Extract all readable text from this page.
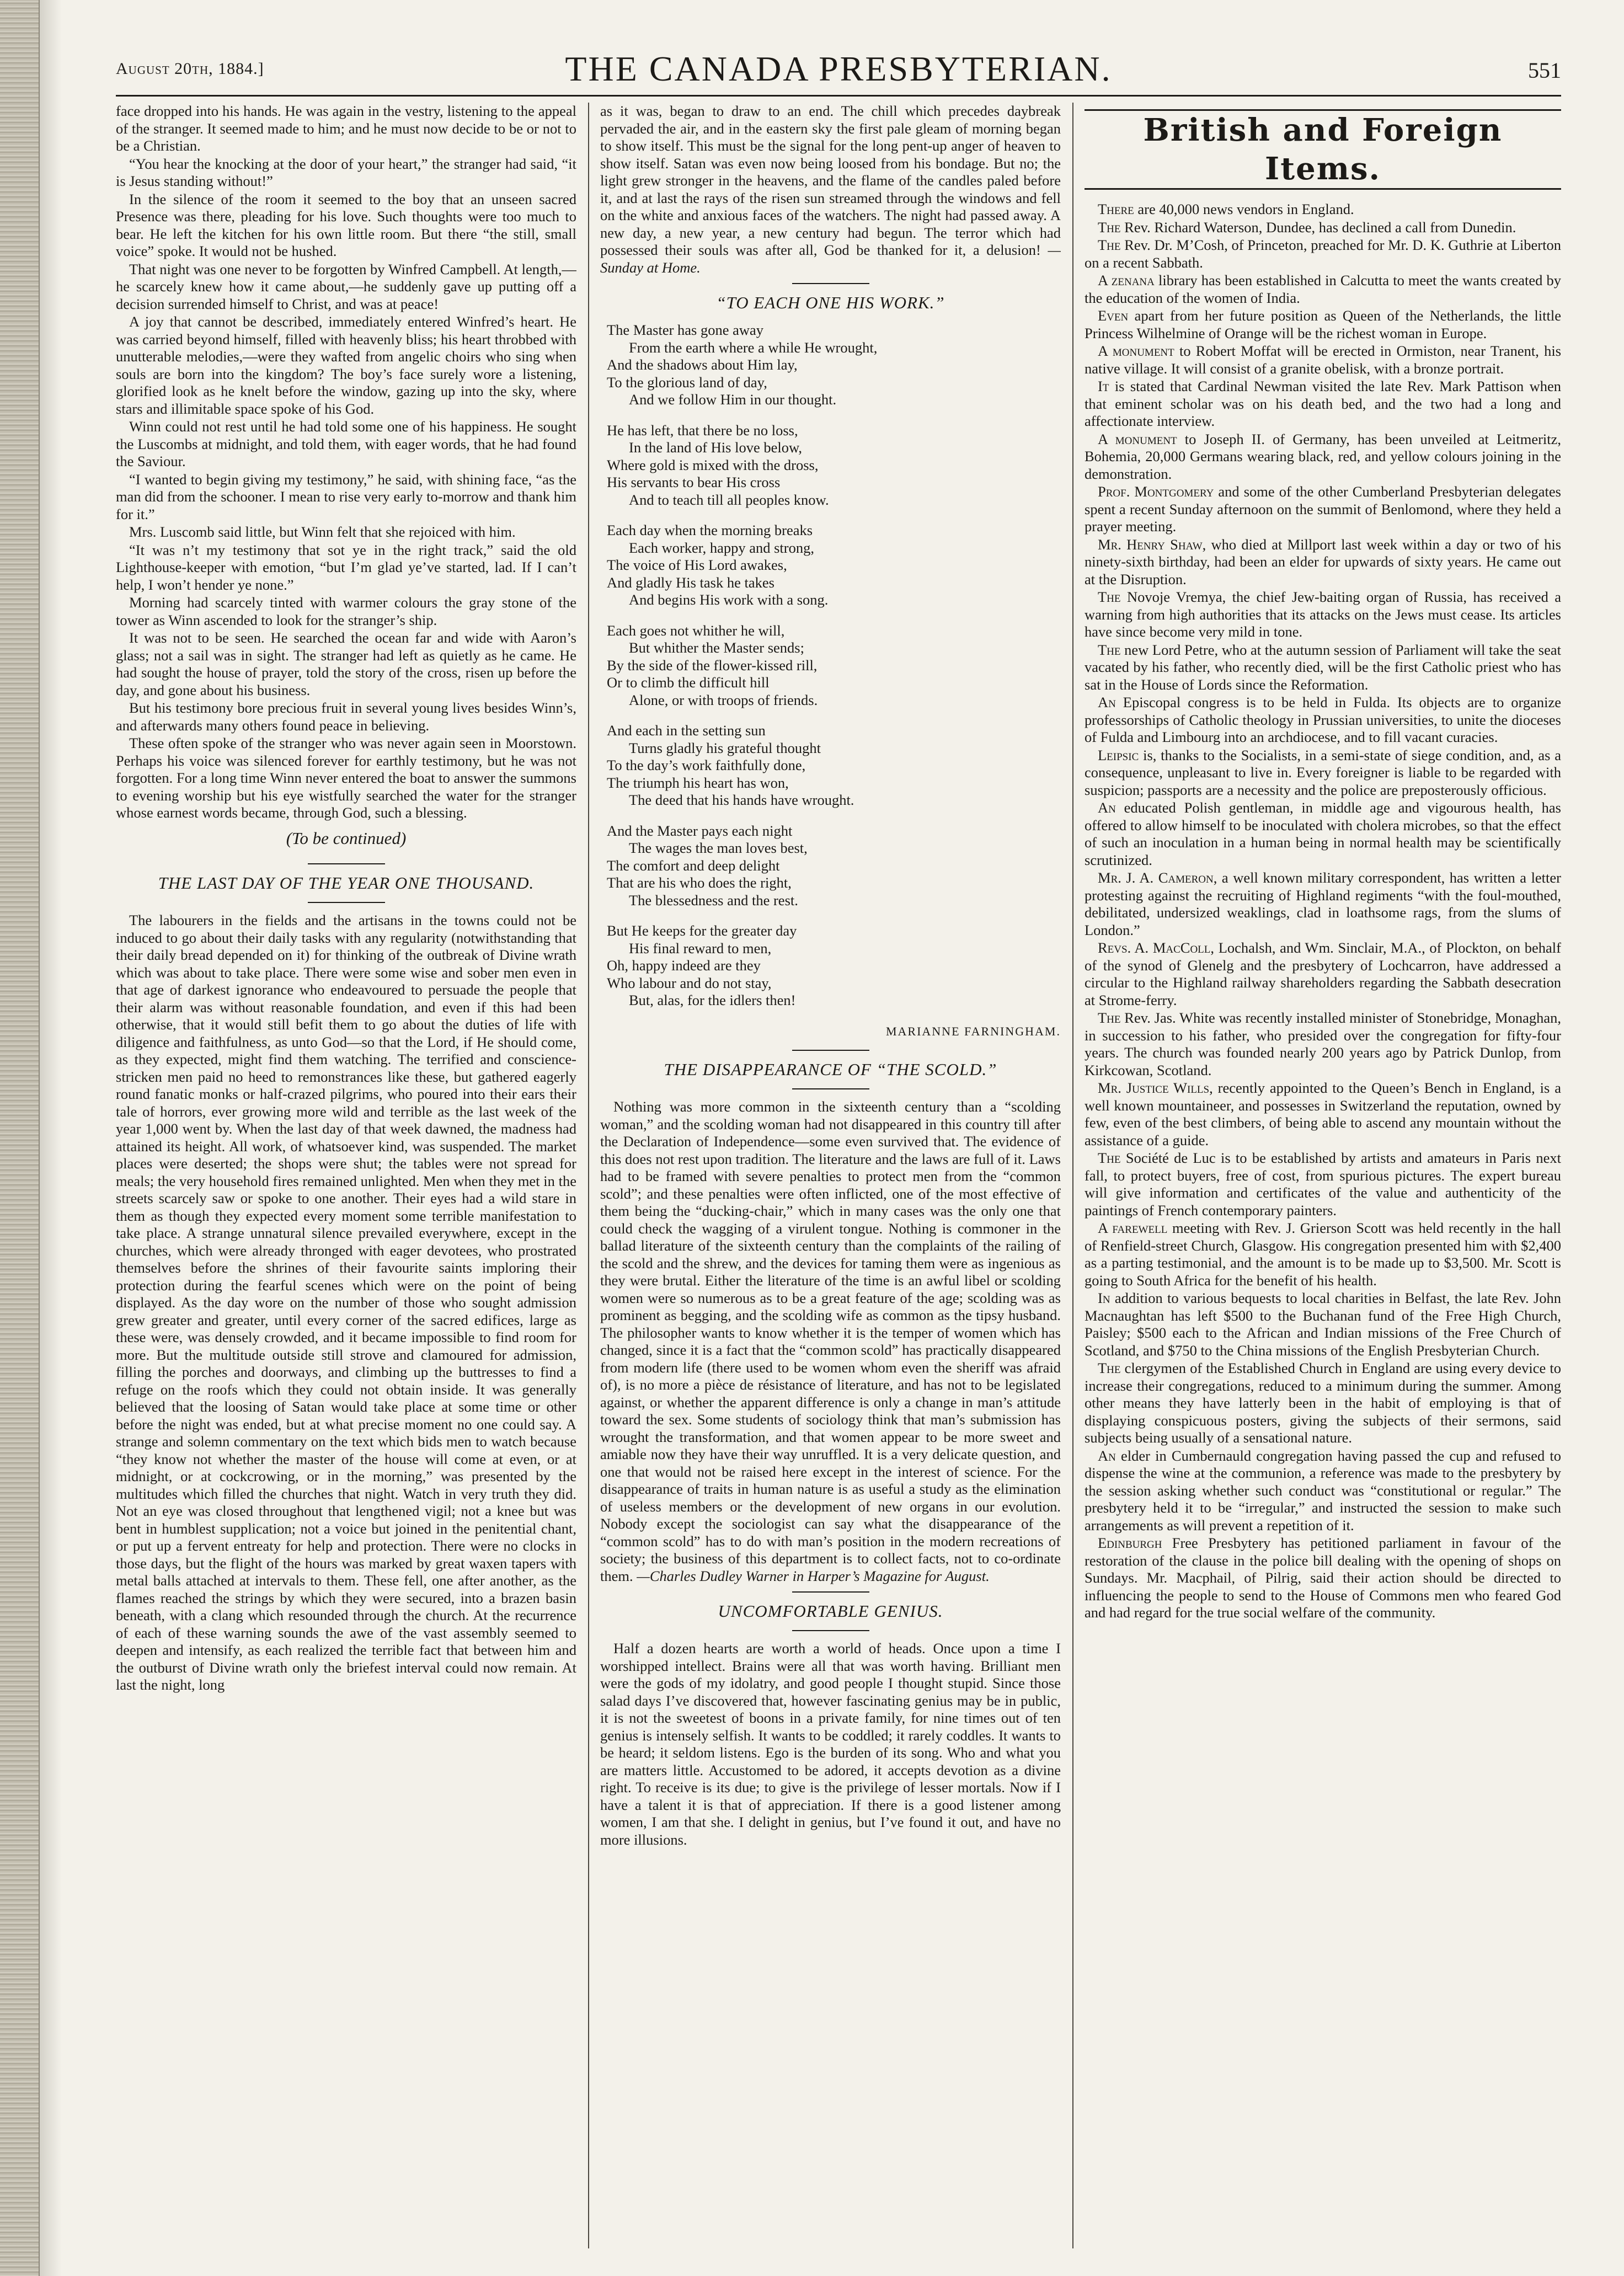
August 20th, 1884.]	THE CANADA PRESBYTERIAN.	551

face dropped into his hands. He was again in the vestry, listening to the appeal of the stranger. It seemed made to him; and he must now decide to be or not to be a Christian.

“You hear the knocking at the door of your heart,” the stranger had said, “it is Jesus standing without!”

In the silence of the room it seemed to the boy that an unseen sacred Presence was there, pleading for his love. Such thoughts were too much to bear. He left the kitchen for his own little room. But there “the still, small voice” spoke. It would not be hushed.

That night was one never to be forgotten by Winfred Campbell. At length,—he scarcely knew how it came about,—he suddenly gave up putting off a decision surrended himself to Christ, and was at peace!

A joy that cannot be described, immediately entered Winfred’s heart. He was carried beyond himself, filled with heavenly bliss; his heart throbbed with unutterable melodies,—were they wafted from angelic choirs who sing when souls are born into the kingdom? The boy’s face surely wore a listening, glorified look as he knelt before the window, gazing up into the sky, where stars and illimitable space spoke of his God.

Winn could not rest until he had told some one of his happiness. He sought the Luscombs at midnight, and told them, with eager words, that he had found the Saviour.

“I wanted to begin giving my testimony,” he said, with shining face, “as the man did from the schooner. I mean to rise very early to-morrow and thank him for it.”

Mrs. Luscomb said little, but Winn felt that she rejoiced with him.

“It was n’t my testimony that sot ye in the right track,” said the old Lighthouse-keeper with emotion, “but I’m glad ye’ve started, lad. If I can’t help, I won’t hender ye none.”

Morning had scarcely tinted with warmer colours the gray stone of the tower as Winn ascended to look for the stranger’s ship.

It was not to be seen. He searched the ocean far and wide with Aaron’s glass; not a sail was in sight. The stranger had left as quietly as he came. He had sought the house of prayer, told the story of the cross, risen up before the day, and gone about his business.

But his testimony bore precious fruit in several young lives besides Winn’s, and afterwards many others found peace in believing.

These often spoke of the stranger who was never again seen in Moorstown. Perhaps his voice was silenced forever for earthly testimony, but he was not forgotten. For a long time Winn never entered the boat to answer the summons to evening worship but his eye wistfully searched the water for the stranger whose earnest words became, through God, such a blessing.

(To be continued)
THE LAST DAY OF THE YEAR ONE THOUSAND.

The labourers in the fields and the artisans in the towns could not be induced to go about their daily tasks with any regularity (notwithstanding that their daily bread depended on it) for thinking of the outbreak of Divine wrath which was about to take place. There were some wise and sober men even in that age of darkest ignorance who endeavoured to persuade the people that their alarm was without reasonable foundation, and even if this had been otherwise, that it would still befit them to go about the duties of life with diligence and faithfulness, as unto God—so that the Lord, if He should come, as they expected, might find them watching. The terrified and conscience-stricken men paid no heed to remonstrances like these, but gathered eagerly round fanatic monks or half-crazed pilgrims, who poured into their ears their tale of horrors, ever growing more wild and terrible as the last week of the year 1,000 went by. When the last day of that week dawned, the madness had attained its height. All work, of whatsoever kind, was suspended. The market places were deserted; the shops were shut; the tables were not spread for meals; the very household fires remained unlighted. Men when they met in the streets scarcely saw or spoke to one another. Their eyes had a wild stare in them as though they expected every moment some terrible manifestation to take place. A strange unnatural silence prevailed everywhere, except in the churches, which were already thronged with eager devotees, who prostrated themselves before the shrines of their favourite saints imploring their protection during the fearful scenes which were on the point of being displayed. As the day wore on the number of those who sought admission grew greater and greater, until every corner of the sacred edifices, large as these were, was densely crowded, and it became impossible to find room for more. But the multitude outside still strove and clamoured for admission, filling the porches and doorways, and climbing up the buttresses to find a refuge on the roofs which they could not obtain inside. It was generally believed that the loosing of Satan would take place at some time or other before the night was ended, but at what precise moment no one could say. A strange and solemn commentary on the text which bids men to watch because “they know not whether the master of the house will come at even, or at midnight, or at cockcrowing, or in the morning,” was presented by the multitudes which filled the churches that night. Watch in very truth they did. Not an eye was closed throughout that lengthened vigil; not a knee but was bent in humblest supplication; not a voice but joined in the penitential chant, or put up a fervent entreaty for help and protection. There were no clocks in those days, but the flight of the hours was marked by great waxen tapers with metal balls attached at intervals to them. These fell, one after another, as the flames reached the strings by which they were secured, into a brazen basin beneath, with a clang which resounded through the church. At the recurrence of each of these warning sounds the awe of the vast assembly seemed to deepen and intensify, as each realized the terrible fact that between him and the outburst of Divine wrath only the briefest interval could now remain. At last the night, long

as it was, began to draw to an end. The chill which precedes daybreak pervaded the air, and in the eastern sky the first pale gleam of morning began to show itself. This must be the signal for the long pent-up anger of heaven to show itself. Satan was even now being loosed from his bondage. But no; the light grew stronger in the heavens, and the flame of the candles paled before it, and at last the rays of the risen sun streamed through the windows and fell on the white and anxious faces of the watchers. The night had passed away. A new day, a new year, a new century had begun. The terror which had possessed their souls was after all, God be thanked for it, a delusion! —Sunday at Home.

“TO EACH ONE HIS WORK.”
The Master has gone away
From the earth where a while He wrought,
And the shadows about Him lay,
To the glorious land of day,
And we follow Him in our thought.
He has left, that there be no loss,
In the land of His love below,
Where gold is mixed with the dross,
His servants to bear His cross
And to teach till all peoples know.
Each day when the morning breaks
Each worker, happy and strong,
The voice of His Lord awakes,
And gladly His task he takes
And begins His work with a song.
Each goes not whither he will,
But whither the Master sends;
By the side of the flower-kissed rill,
Or to climb the difficult hill
Alone, or with troops of friends.
And each in the setting sun
Turns gladly his grateful thought
To the day’s work faithfully done,
The triumph his heart has won,
The deed that his hands have wrought.
And the Master pays each night
The wages the man loves best,
The comfort and deep delight
That are his who does the right,
The blessedness and the rest.
But He keeps for the greater day
His final reward to men,
Oh, happy indeed are they
Who labour and do not stay,
But, alas, for the idlers then!
MARIANNE FARNINGHAM.
THE DISAPPEARANCE OF “THE SCOLD.”

Nothing was more common in the sixteenth century than a “scolding woman,” and the scolding woman had not disappeared in this country till after the Declaration of Independence—some even survived that. The evidence of this does not rest upon tradition. The literature and the laws are full of it. Laws had to be framed with severe penalties to protect men from the “common scold”; and these penalties were often inflicted, one of the most effective of them being the “ducking-chair,” which in many cases was the only one that could check the wagging of a virulent tongue. Nothing is commoner in the ballad literature of the sixteenth century than the complaints of the railing of the scold and the shrew, and the devices for taming them were as ingenious as they were brutal. Either the literature of the time is an awful libel or scolding women were so numerous as to be a great feature of the age; scolding was as prominent as begging, and the scolding wife as common as the tipsy husband. The philosopher wants to know whether it is the temper of women which has changed, since it is a fact that the “common scold” has practically disappeared from modern life (there used to be women whom even the sheriff was afraid of), is no more a pièce de résistance of literature, and has not to be legislated against, or whether the apparent difference is only a change in man’s attitude toward the sex. Some students of sociology think that man’s submission has wrought the transformation, and that women appear to be more sweet and amiable now they have their way unruffled. It is a very delicate question, and one that would not be raised here except in the interest of science. For the disappearance of traits in human nature is as useful a study as the elimination of useless members or the development of new organs in our evolution. Nobody except the sociologist can say what the disappearance of the “common scold” has to do with man’s position in the modern recreations of society; the business of this department is to collect facts, not to co-ordinate them. —Charles Dudley Warner in Harper’s Magazine for August.

UNCOMFORTABLE GENIUS.

Half a dozen hearts are worth a world of heads. Once upon a time I worshipped intellect. Brains were all that was worth having. Brilliant men were the gods of my idolatry, and good people I thought stupid. Since those salad days I’ve discovered that, however fascinating genius may be in public, it is not the sweetest of boons in a private family, for nine times out of ten genius is intensely selfish. It wants to be coddled; it rarely coddles. It wants to be heard; it seldom listens. Ego is the burden of its song. Who and what you are matters little. Accustomed to be adored, it accepts devotion as a divine right. To receive is its due; to give is the privilege of lesser mortals. Now if I have a talent it is that of appreciation. If there is a good listener among women, I am that she. I delight in genius, but I’ve found it out, and have no more illusions.

British and Foreign Items.

There are 40,000 news vendors in England.

The Rev. Richard Waterson, Dundee, has declined a call from Dunedin.

The Rev. Dr. M’Cosh, of Princeton, preached for Mr. D. K. Guthrie at Liberton on a recent Sabbath.

A zenana library has been established in Calcutta to meet the wants created by the education of the women of India.

Even apart from her future position as Queen of the Netherlands, the little Princess Wilhelmine of Orange will be the richest woman in Europe.

A monument to Robert Moffat will be erected in Ormiston, near Tranent, his native village. It will consist of a granite obelisk, with a bronze portrait.

It is stated that Cardinal Newman visited the late Rev. Mark Pattison when that eminent scholar was on his death bed, and the two had a long and affectionate interview.

A monument to Joseph II. of Germany, has been unveiled at Leitmeritz, Bohemia, 20,000 Germans wearing black, red, and yellow colours joining in the demonstration.

Prof. Montgomery and some of the other Cumberland Presbyterian delegates spent a recent Sunday afternoon on the summit of Benlomond, where they held a prayer meeting.

Mr. Henry Shaw, who died at Millport last week within a day or two of his ninety-sixth birthday, had been an elder for upwards of sixty years. He came out at the Disruption.

The Novoje Vremya, the chief Jew-baiting organ of Russia, has received a warning from high authorities that its attacks on the Jews must cease. Its articles have since become very mild in tone.

The new Lord Petre, who at the autumn session of Parliament will take the seat vacated by his father, who recently died, will be the first Catholic priest who has sat in the House of Lords since the Reformation.

An Episcopal congress is to be held in Fulda. Its objects are to organize professorships of Catholic theology in Prussian universities, to unite the dioceses of Fulda and Limbourg into an archdiocese, and to fill vacant curacies.

Leipsic is, thanks to the Socialists, in a semi-state of siege condition, and, as a consequence, unpleasant to live in. Every foreigner is liable to be regarded with suspicion; passports are a necessity and the police are preposterously officious.

An educated Polish gentleman, in middle age and vigourous health, has offered to allow himself to be inoculated with cholera microbes, so that the effect of such an inoculation in a human being in normal health may be scientifically scrutinized.

Mr. J. A. Cameron, a well known military correspondent, has written a letter protesting against the recruiting of Highland regiments “with the foul-mouthed, debilitated, undersized weaklings, clad in loathsome rags, from the slums of London.”

Revs. A. MacColl, Lochalsh, and Wm. Sinclair, M.A., of Plockton, on behalf of the synod of Glenelg and the presbytery of Lochcarron, have addressed a circular to the Highland railway shareholders regarding the Sabbath desecration at Strome-ferry.

The Rev. Jas. White was recently installed minister of Stonebridge, Monaghan, in succession to his father, who presided over the congregation for fifty-four years. The church was founded nearly 200 years ago by Patrick Dunlop, from Kirkcowan, Scotland.

Mr. Justice Wills, recently appointed to the Queen’s Bench in England, is a well known mountaineer, and possesses in Switzerland the reputation, owned by few, even of the best climbers, of being able to ascend any mountain without the assistance of a guide.

The Société de Luc is to be established by artists and amateurs in Paris next fall, to protect buyers, free of cost, from spurious pictures. The expert bureau will give information and certificates of the value and authenticity of the paintings of French contemporary painters.

A farewell meeting with Rev. J. Grierson Scott was held recently in the hall of Renfield-street Church, Glasgow. His congregation presented him with $2,400 as a parting testimonial, and the amount is to be made up to $3,500. Mr. Scott is going to South Africa for the benefit of his health.

In addition to various bequests to local charities in Belfast, the late Rev. John Macnaughtan has left $500 to the Buchanan fund of the Free High Church, Paisley; $500 each to the African and Indian missions of the Free Church of Scotland, and $750 to the China missions of the English Presbyterian Church.

The clergymen of the Established Church in England are using every device to increase their congregations, reduced to a minimum during the summer. Among other means they have latterly been in the habit of employing is that of displaying conspicuous posters, giving the subjects of their sermons, said subjects being usually of a sensational nature.

An elder in Cumbernauld congregation having passed the cup and refused to dispense the wine at the communion, a reference was made to the presbytery by the session asking whether such conduct was “constitutional or regular.” The presbytery held it to be “irregular,” and instructed the session to make such arrangements as will prevent a repetition of it.

Edinburgh Free Presbytery has petitioned parliament in favour of the restoration of the clause in the police bill dealing with the opening of shops on Sundays. Mr. Macphail, of Pilrig, said their action should be directed to influencing the people to send to the House of Commons men who feared God and had regard for the true social welfare of the community.
